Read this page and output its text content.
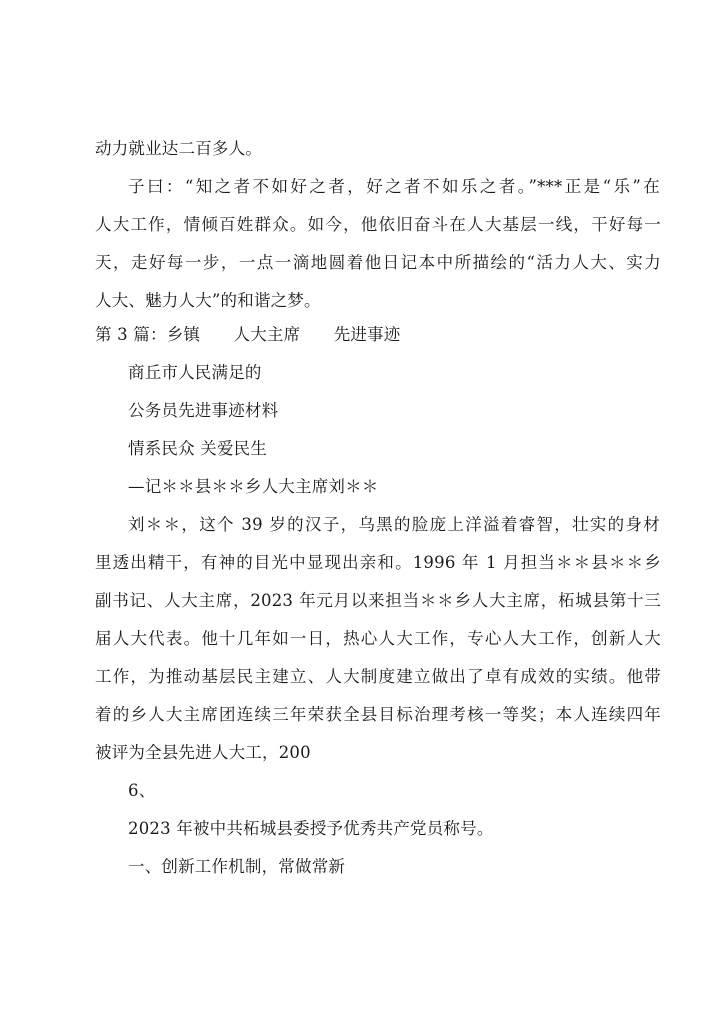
动力就业达二百多人。
子曰：“知之者不如好之者，好之者不如乐之者。”***正是“乐”在
人大工作，情倾百姓群众。如今，他依旧奋斗在人大基层一线，干好每一
天，走好每一步，一点一滴地圆着他日记本中所描绘的“活力人大、实力
人大、魅力人大”的和谐之梦。
第 3 篇：乡镇　　人大主席　　先进事迹
商丘市人民满足的
公务员先进事迹材料
情系民众 关爱民生
—记＊＊县＊＊乡人大主席刘＊＊
刘＊＊，这个 39 岁的汉子，乌黑的脸庞上洋溢着睿智，壮实的身材
里透出精干，有神的目光中显现出亲和。1996 年 1 月担当＊＊县＊＊乡
副书记、人大主席，2023 年元月以来担当＊＊乡人大主席，柘城县第十三
届人大代表。他十几年如一日，热心人大工作，专心人大工作，创新人大
工作，为推动基层民主建立、人大制度建立做出了卓有成效的实绩。他带
着的乡人大主席团连续三年荣获全县目标治理考核一等奖；本人连续四年
被评为全县先进人大工，200
6、
2023 年被中共柘城县委授予优秀共产党员称号。
一、创新工作机制，常做常新
